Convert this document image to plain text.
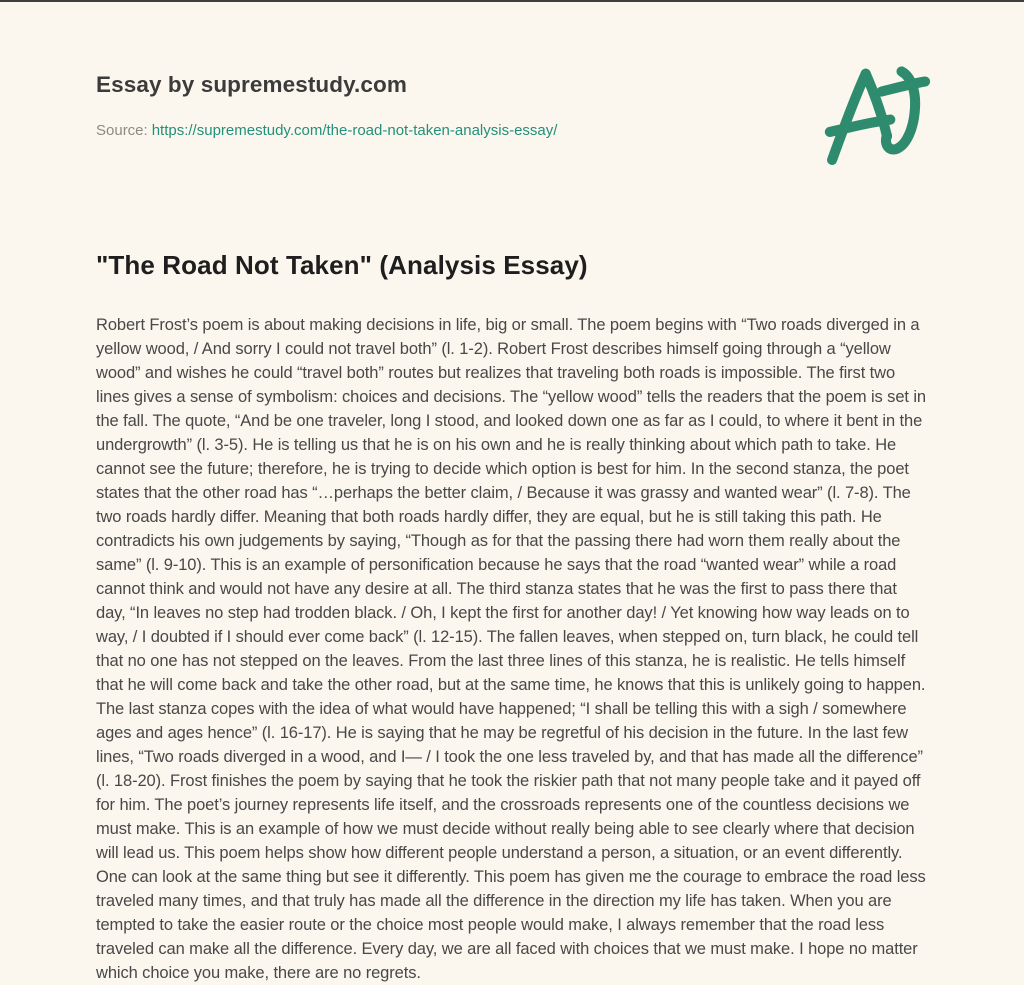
Essay by supremestudy.com
Source: https://supremestudy.com/the-road-not-taken-analysis-essay/
"The Road Not Taken" (Analysis Essay)

Robert Frost’s poem is about making decisions in life, big or small. The poem begins with “Two roads diverged in a yellow wood, / And sorry I could not travel both” (l. 1-2). Robert Frost describes himself going through a “yellow wood” and wishes he could “travel both” routes but realizes that traveling both roads is impossible. The first two lines gives a sense of symbolism: choices and decisions. The “yellow wood” tells the readers that the poem is set in the fall. The quote, “And be one traveler, long I stood, and looked down one as far as I could, to where it bent in the undergrowth” (l. 3-5). He is telling us that he is on his own and he is really thinking about which path to take. He cannot see the future; therefore, he is trying to decide which option is best for him. In the second stanza, the poet states that the other road has “…perhaps the better claim, / Because it was grassy and wanted wear” (l. 7-8). The two roads hardly differ. Meaning that both roads hardly differ, they are equal, but he is still taking this path. He contradicts his own judgements by saying, “Though as for that the passing there had worn them really about the same” (l. 9-10). This is an example of personification because he says that the road “wanted wear” while a road cannot think and would not have any desire at all. The third stanza states that he was the first to pass there that day, “In leaves no step had trodden black. / Oh, I kept the first for another day! / Yet knowing how way leads on to way, / I doubted if I should ever come back” (l. 12-15). The fallen leaves, when stepped on, turn black, he could tell that no one has not stepped on the leaves. From the last three lines of this stanza, he is realistic. He tells himself that he will come back and take the other road, but at the same time, he knows that this is unlikely going to happen. The last stanza copes with the idea of what would have happened; “I shall be telling this with a sigh / somewhere ages and ages hence” (l. 16-17). He is saying that he may be regretful of his decision in the future. In the last few lines, “Two roads diverged in a wood, and I— / I took the one less traveled by, and that has made all the difference” (l. 18-20). Frost finishes the poem by saying that he took the riskier path that not many people take and it payed off for him. The poet’s journey represents life itself, and the crossroads represents one of the countless decisions we must make. This is an example of how we must decide without really being able to see clearly where that decision will lead us. This poem helps show how different people understand a person, a situation, or an event differently. One can look at the same thing but see it differently. This poem has given me the courage to embrace the road less traveled many times, and that truly has made all the difference in the direction my life has taken. When you are tempted to take the easier route or the choice most people would make, I always remember that the road less traveled can make all the difference. Every day, we are all faced with choices that we must make. I hope no matter which choice you make, there are no regrets.
